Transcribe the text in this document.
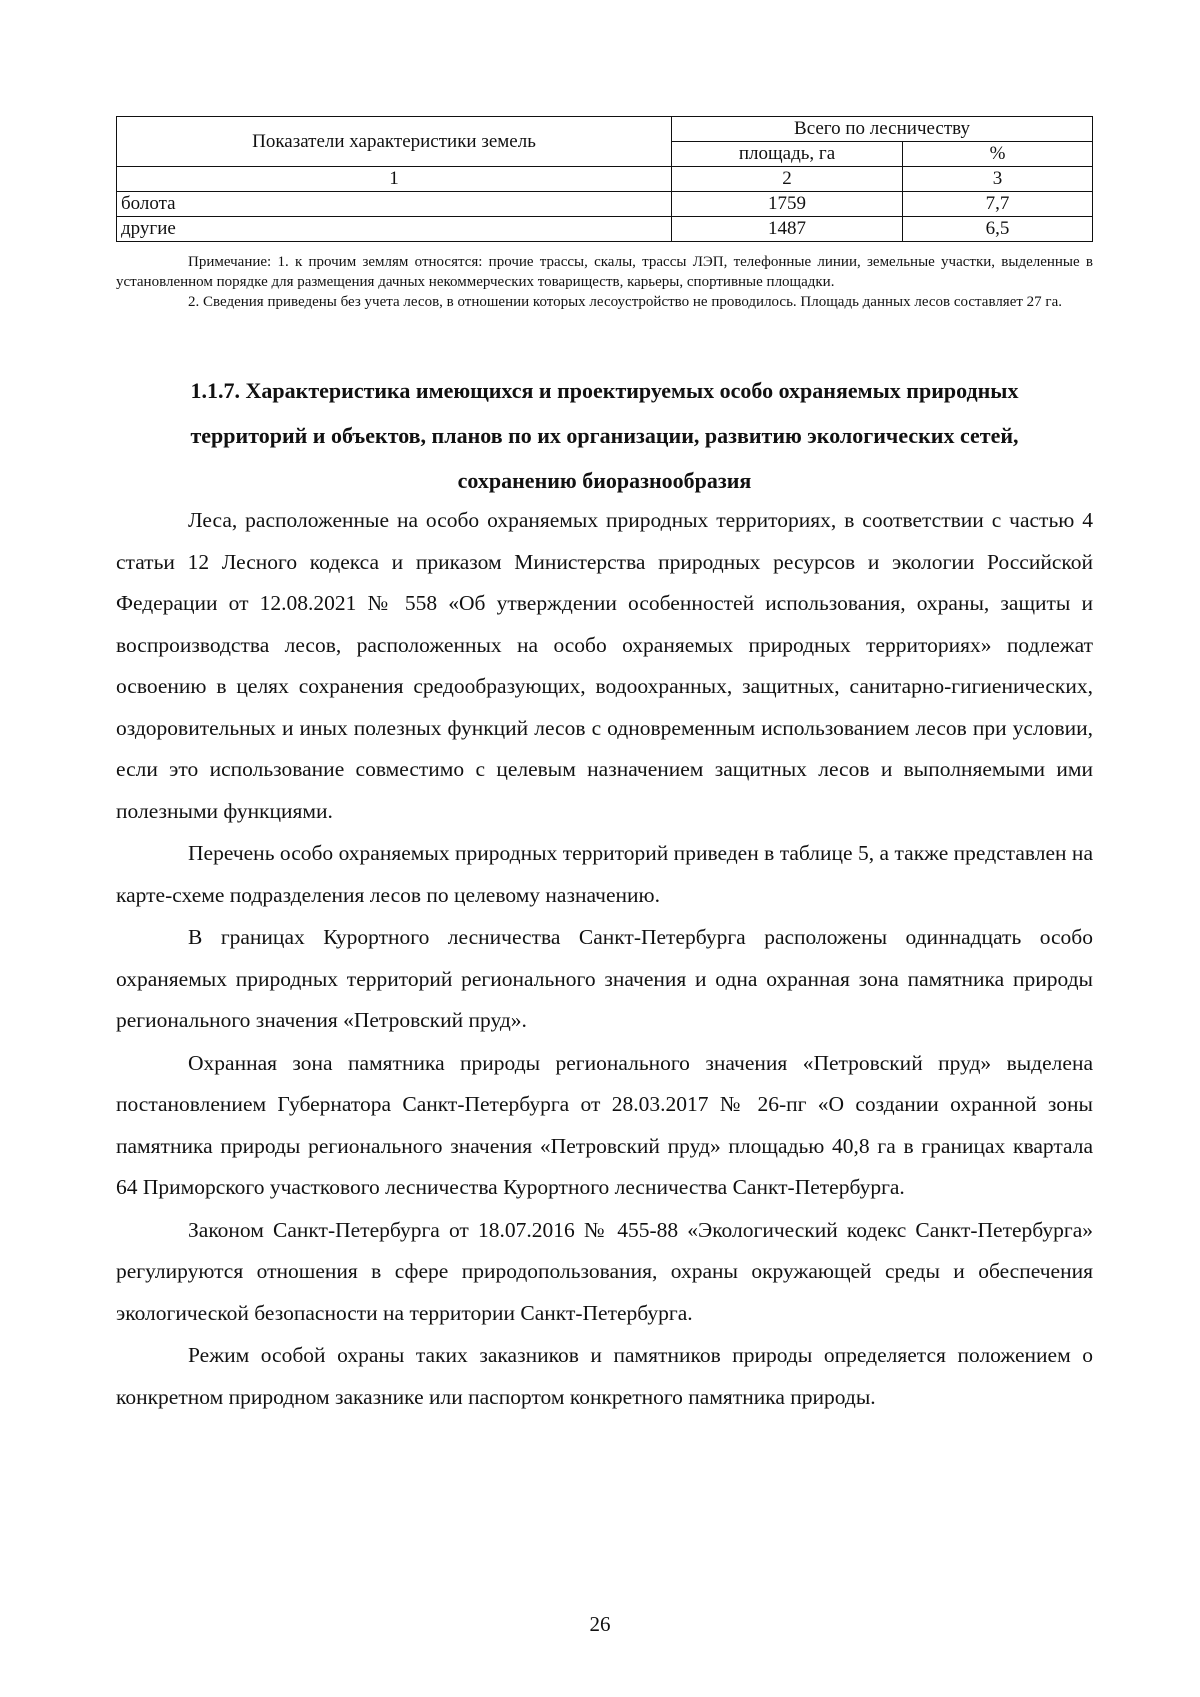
Показатели характеристики земель	Всего по лесничеству	
	площадь, га	%
1	2	3
болота	1759	7,7
другие	1487	6,5

Примечание: 1. к прочим землям относятся: прочие трассы, скалы, трассы ЛЭП, телефонные линии, земельные участки, выделенные в установленном порядке для размещения дачных некоммерческих товариществ, карьеры, спортивные площадки.

2. Сведения приведены без учета лесов, в отношении которых лесоустройство не проводилось. Площадь данных лесов составляет 27 га.

1.1.7. Характеристика имеющихся и проектируемых особо охраняемых природных
территорий и объектов, планов по их организации, развитию экологических сетей,
сохранению биоразнообразия

Леса, расположенные на особо охраняемых природных территориях, в соответствии с частью 4 статьи 12 Лесного кодекса и приказом Министерства природных ресурсов и экологии Российской Федерации от 12.08.2021 № 558 «Об утверждении особенностей использования, охраны, защиты и воспроизводства лесов, расположенных на особо охраняемых природных территориях» подлежат освоению в целях сохранения средообразующих, водоохранных, защитных, санитарно-гигиенических, оздоровительных и иных полезных функций лесов с одновременным использованием лесов при условии, если это использование совместимо с целевым назначением защитных лесов и выполняемыми ими полезными функциями.

Перечень особо охраняемых природных территорий приведен в таблице 5, а также представлен на карте-схеме подразделения лесов по целевому назначению.

В границах Курортного лесничества Санкт-Петербурга расположены одиннадцать особо охраняемых природных территорий регионального значения и одна охранная зона памятника природы регионального значения «Петровский пруд».

Охранная зона памятника природы регионального значения «Петровский пруд» выделена постановлением Губернатора Санкт-Петербурга от 28.03.2017 № 26-пг «О создании охранной зоны памятника природы регионального значения «Петровский пруд» площадью 40,8 га в границах квартала 64 Приморского участкового лесничества Курортного лесничества Санкт-Петербурга.

Законом Санкт-Петербурга от 18.07.2016 № 455-88 «Экологический кодекс Санкт-Петербурга» регулируются отношения в сфере природопользования, охраны окружающей среды и обеспечения экологической безопасности на территории Санкт-Петербурга.

Режим особой охраны таких заказников и памятников природы определяется положением о конкретном природном заказнике или паспортом конкретного памятника природы.

26
